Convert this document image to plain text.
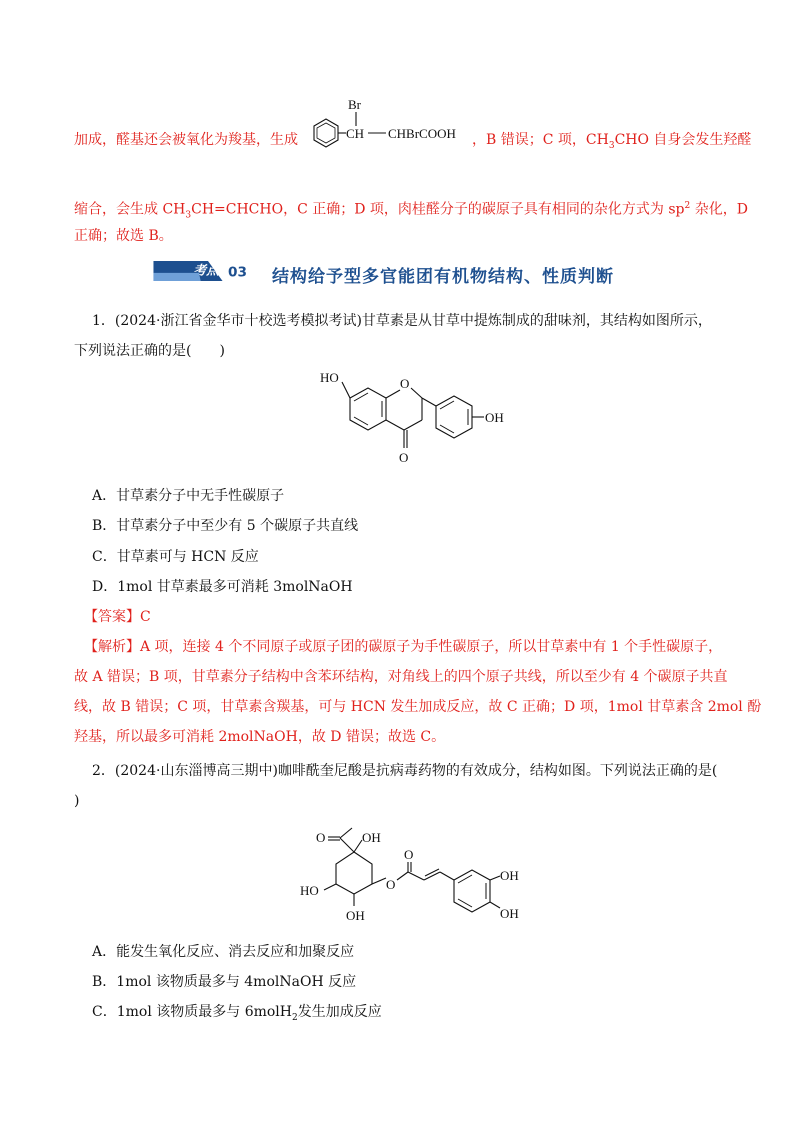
加成，醛基还会被氧化为羧基，生成	CH
Br
CHBrCOOH ，B 错误；C 项，$CH_3CHO$ 自身会发生羟醛
缩合，会生成 $CH_3CH=CHCHO$，C 正确；D 项，肉桂醛分子的碳原子具有相同的杂化方式为 $sp^2$ 杂化，D
正确；故选 B。
考点 03 结构给予型多官能团有机物结构、性质判断
1．(2024·浙江省金华市十校选考模拟考试)甘草素是从甘草中提炼制成的甜味剂，其结构如图所示，
下列说法正确的是(　　)
HO	O
O
OH
A．甘草素分子中无手性碳原子
B．甘草素分子中至少有 5 个碳原子共直线
C．甘草素可与 HCN 反应
D．1mol 甘草素最多可消耗 3molNaOH
【答案】C
【解析】A 项，连接 4 个不同原子或原子团的碳原子为手性碳原子，所以甘草素中有 1 个手性碳原子，
故 A 错误；B 项，甘草素分子结构中含苯环结构，对角线上的四个原子共线，所以至少有 4 个碳原子共直
线，故 B 错误；C 项，甘草素含羰基，可与 HCN 发生加成反应，故 C 正确；D 项，1mol 甘草素含 2mol 酚
羟基，所以最多可消耗 2molNaOH，故 D 错误；故选 C。
2．(2024·山东淄博高三期中)咖啡酰奎尼酸是抗病毒药物的有效成分，结构如图。下列说法正确的是(
)
O	OH
HO
OH
O
O
OH
OH
A．能发生氧化反应、消去反应和加聚反应
B．1mol 该物质最多与 4molNaOH 反应
C．1mol 该物质最多与 6molH$_2$发生加成反应
